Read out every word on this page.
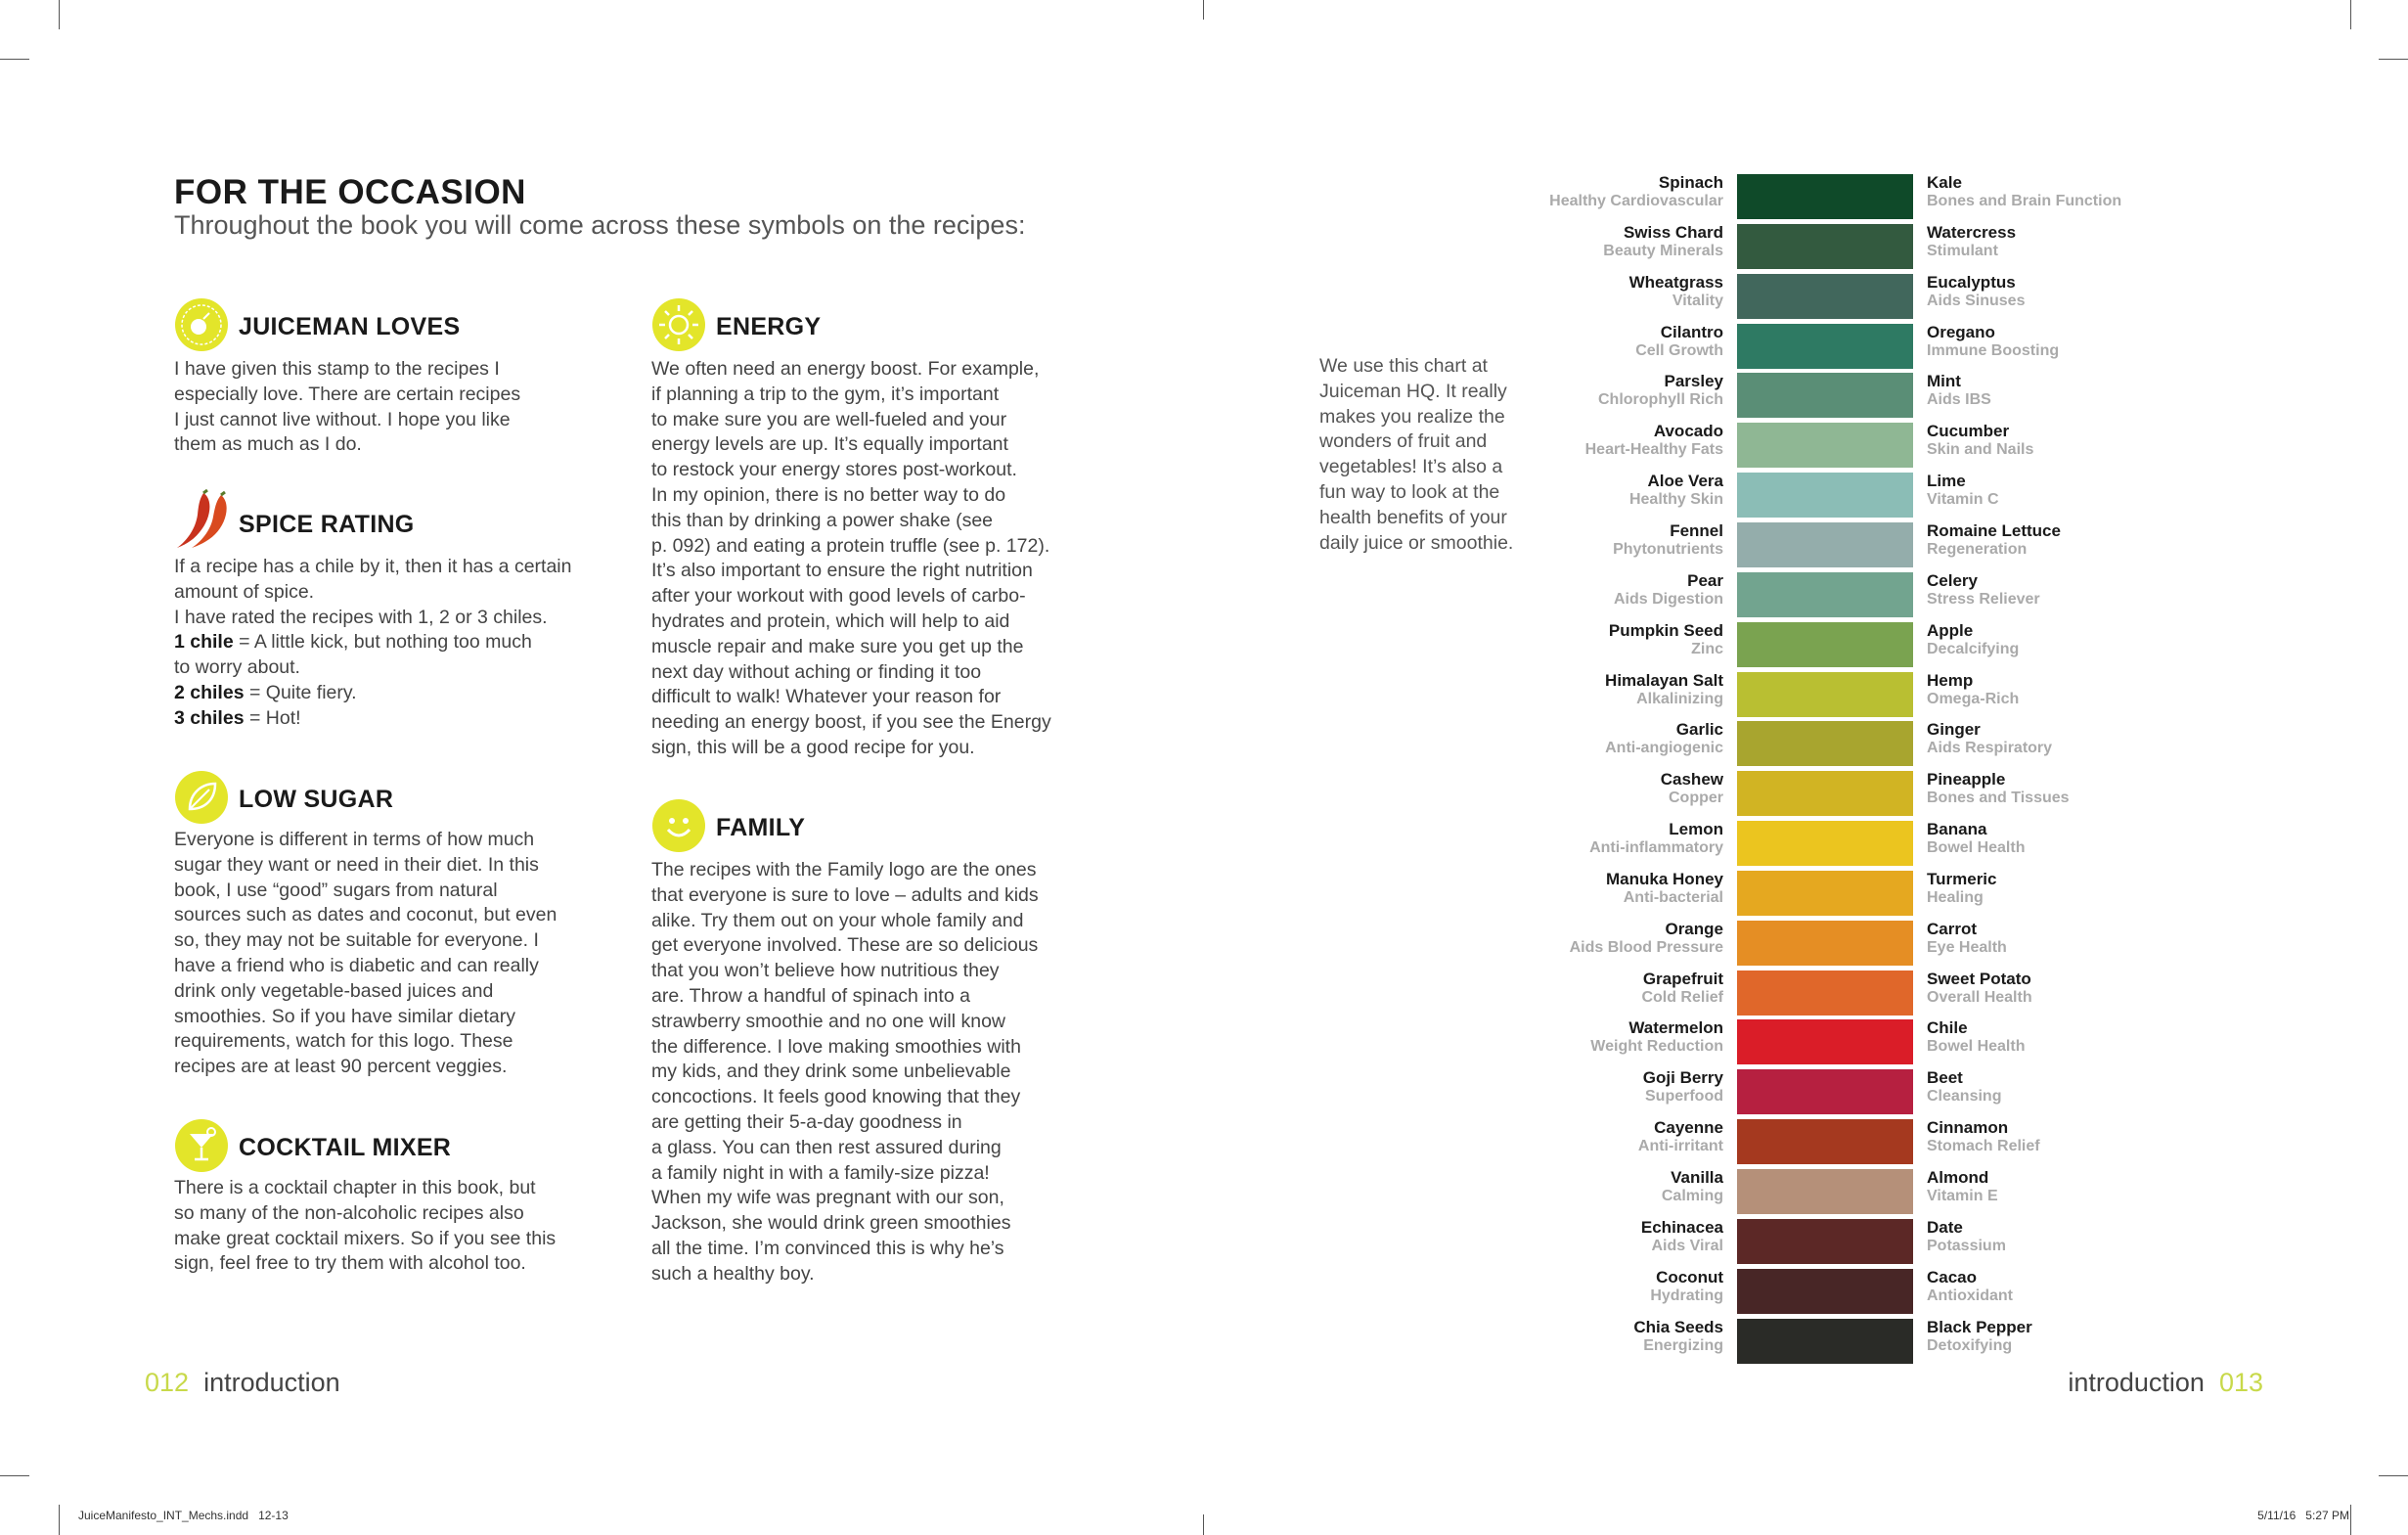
FOR THE OCCASION
Throughout the book you will come across these symbols on the recipes:
JUICEMAN LOVES

I have given this stamp to the recipes I

especially love. There are certain recipes

I just cannot live without. I hope you like

them as much as I do.

SPICE RATING

If a recipe has a chile by it, then it has a certain

amount of spice.

I have rated the recipes with 1, 2 or 3 chiles.

1 chile = A little kick, but nothing too much

to worry about.

2 chiles = Quite fiery.

3 chiles = Hot!

LOW SUGAR

Everyone is different in terms of how much

sugar they want or need in their diet. In this

book, I use “good” sugars from natural

sources such as dates and coconut, but even

so, they may not be suitable for everyone. I

have a friend who is diabetic and can really

drink only vegetable-based juices and

smoothies. So if you have similar dietary

requirements, watch for this logo. These

recipes are at least 90 percent veggies.

COCKTAIL MIXER

There is a cocktail chapter in this book, but

so many of the non-alcoholic recipes also

make great cocktail mixers. So if you see this

sign, feel free to try them with alcohol too.

ENERGY

We often need an energy boost. For example,

if planning a trip to the gym, it’s important

to make sure you are well-fueled and your

energy levels are up. It’s equally important

to restock your energy stores post-workout.

In my opinion, there is no better way to do

this than by drinking a power shake (see

p. 092) and eating a protein truffle (see p. 172).

It’s also important to ensure the right nutrition

after your workout with good levels of carbo-

hydrates and protein, which will help to aid

muscle repair and make sure you get up the

next day without aching or finding it too

difficult to walk! Whatever your reason for

needing an energy boost, if you see the Energy

sign, this will be a good recipe for you.

FAMILY

The recipes with the Family logo are the ones

that everyone is sure to love – adults and kids

alike. Try them out on your whole family and

get everyone involved. These are so delicious

that you won’t believe how nutritious they

are. Throw a handful of spinach into a

strawberry smoothie and no one will know

the difference. I love making smoothies with

my kids, and they drink some unbelievable

concoctions. It feels good knowing that they

are getting their 5-a-day goodness in

a glass. You can then rest assured during

a family night in with a family-size pizza!

When my wife was pregnant with our son,

Jackson, she would drink green smoothies

all the time. I’m convinced this is why he’s

such a healthy boy.

We use this chart at
Juiceman HQ. It really
makes you realize the
wonders of fruit and
vegetables! It’s also a
fun way to look at the
health benefits of your
daily juice or smoothie.
Spinach
Healthy Cardiovascular
Kale
Bones and Brain Function
Swiss Chard
Beauty Minerals
Watercress
Stimulant
Wheatgrass
Vitality
Eucalyptus
Aids Sinuses
Cilantro
Cell Growth
Oregano
Immune Boosting
Parsley
Chlorophyll Rich
Mint
Aids IBS
Avocado
Heart-Healthy Fats
Cucumber
Skin and Nails
Aloe Vera
Healthy Skin
Lime
Vitamin C
Fennel
Phytonutrients
Romaine Lettuce
Regeneration
Pear
Aids Digestion
Celery
Stress Reliever
Pumpkin Seed
Zinc
Apple
Decalcifying
Himalayan Salt
Alkalinizing
Hemp
Omega-Rich
Garlic
Anti-angiogenic
Ginger
Aids Respiratory
Cashew
Copper
Pineapple
Bones and Tissues
Lemon
Anti-inflammatory
Banana
Bowel Health
Manuka Honey
Anti-bacterial
Turmeric
Healing
Orange
Aids Blood Pressure
Carrot
Eye Health
Grapefruit
Cold Relief
Sweet Potato
Overall Health
Watermelon
Weight Reduction
Chile
Bowel Health
Goji Berry
Superfood
Beet
Cleansing
Cayenne
Anti-irritant
Cinnamon
Stomach Relief
Vanilla
Calming
Almond
Vitamin E
Echinacea
Aids Viral
Date
Potassium
Coconut
Hydrating
Cacao
Antioxidant
Chia Seeds
Energizing
Black Pepper
Detoxifying
012 introduction	introduction 013
JuiceManifesto_INT_Mechs.indd   12-13	5/11/16   5:27 PM
